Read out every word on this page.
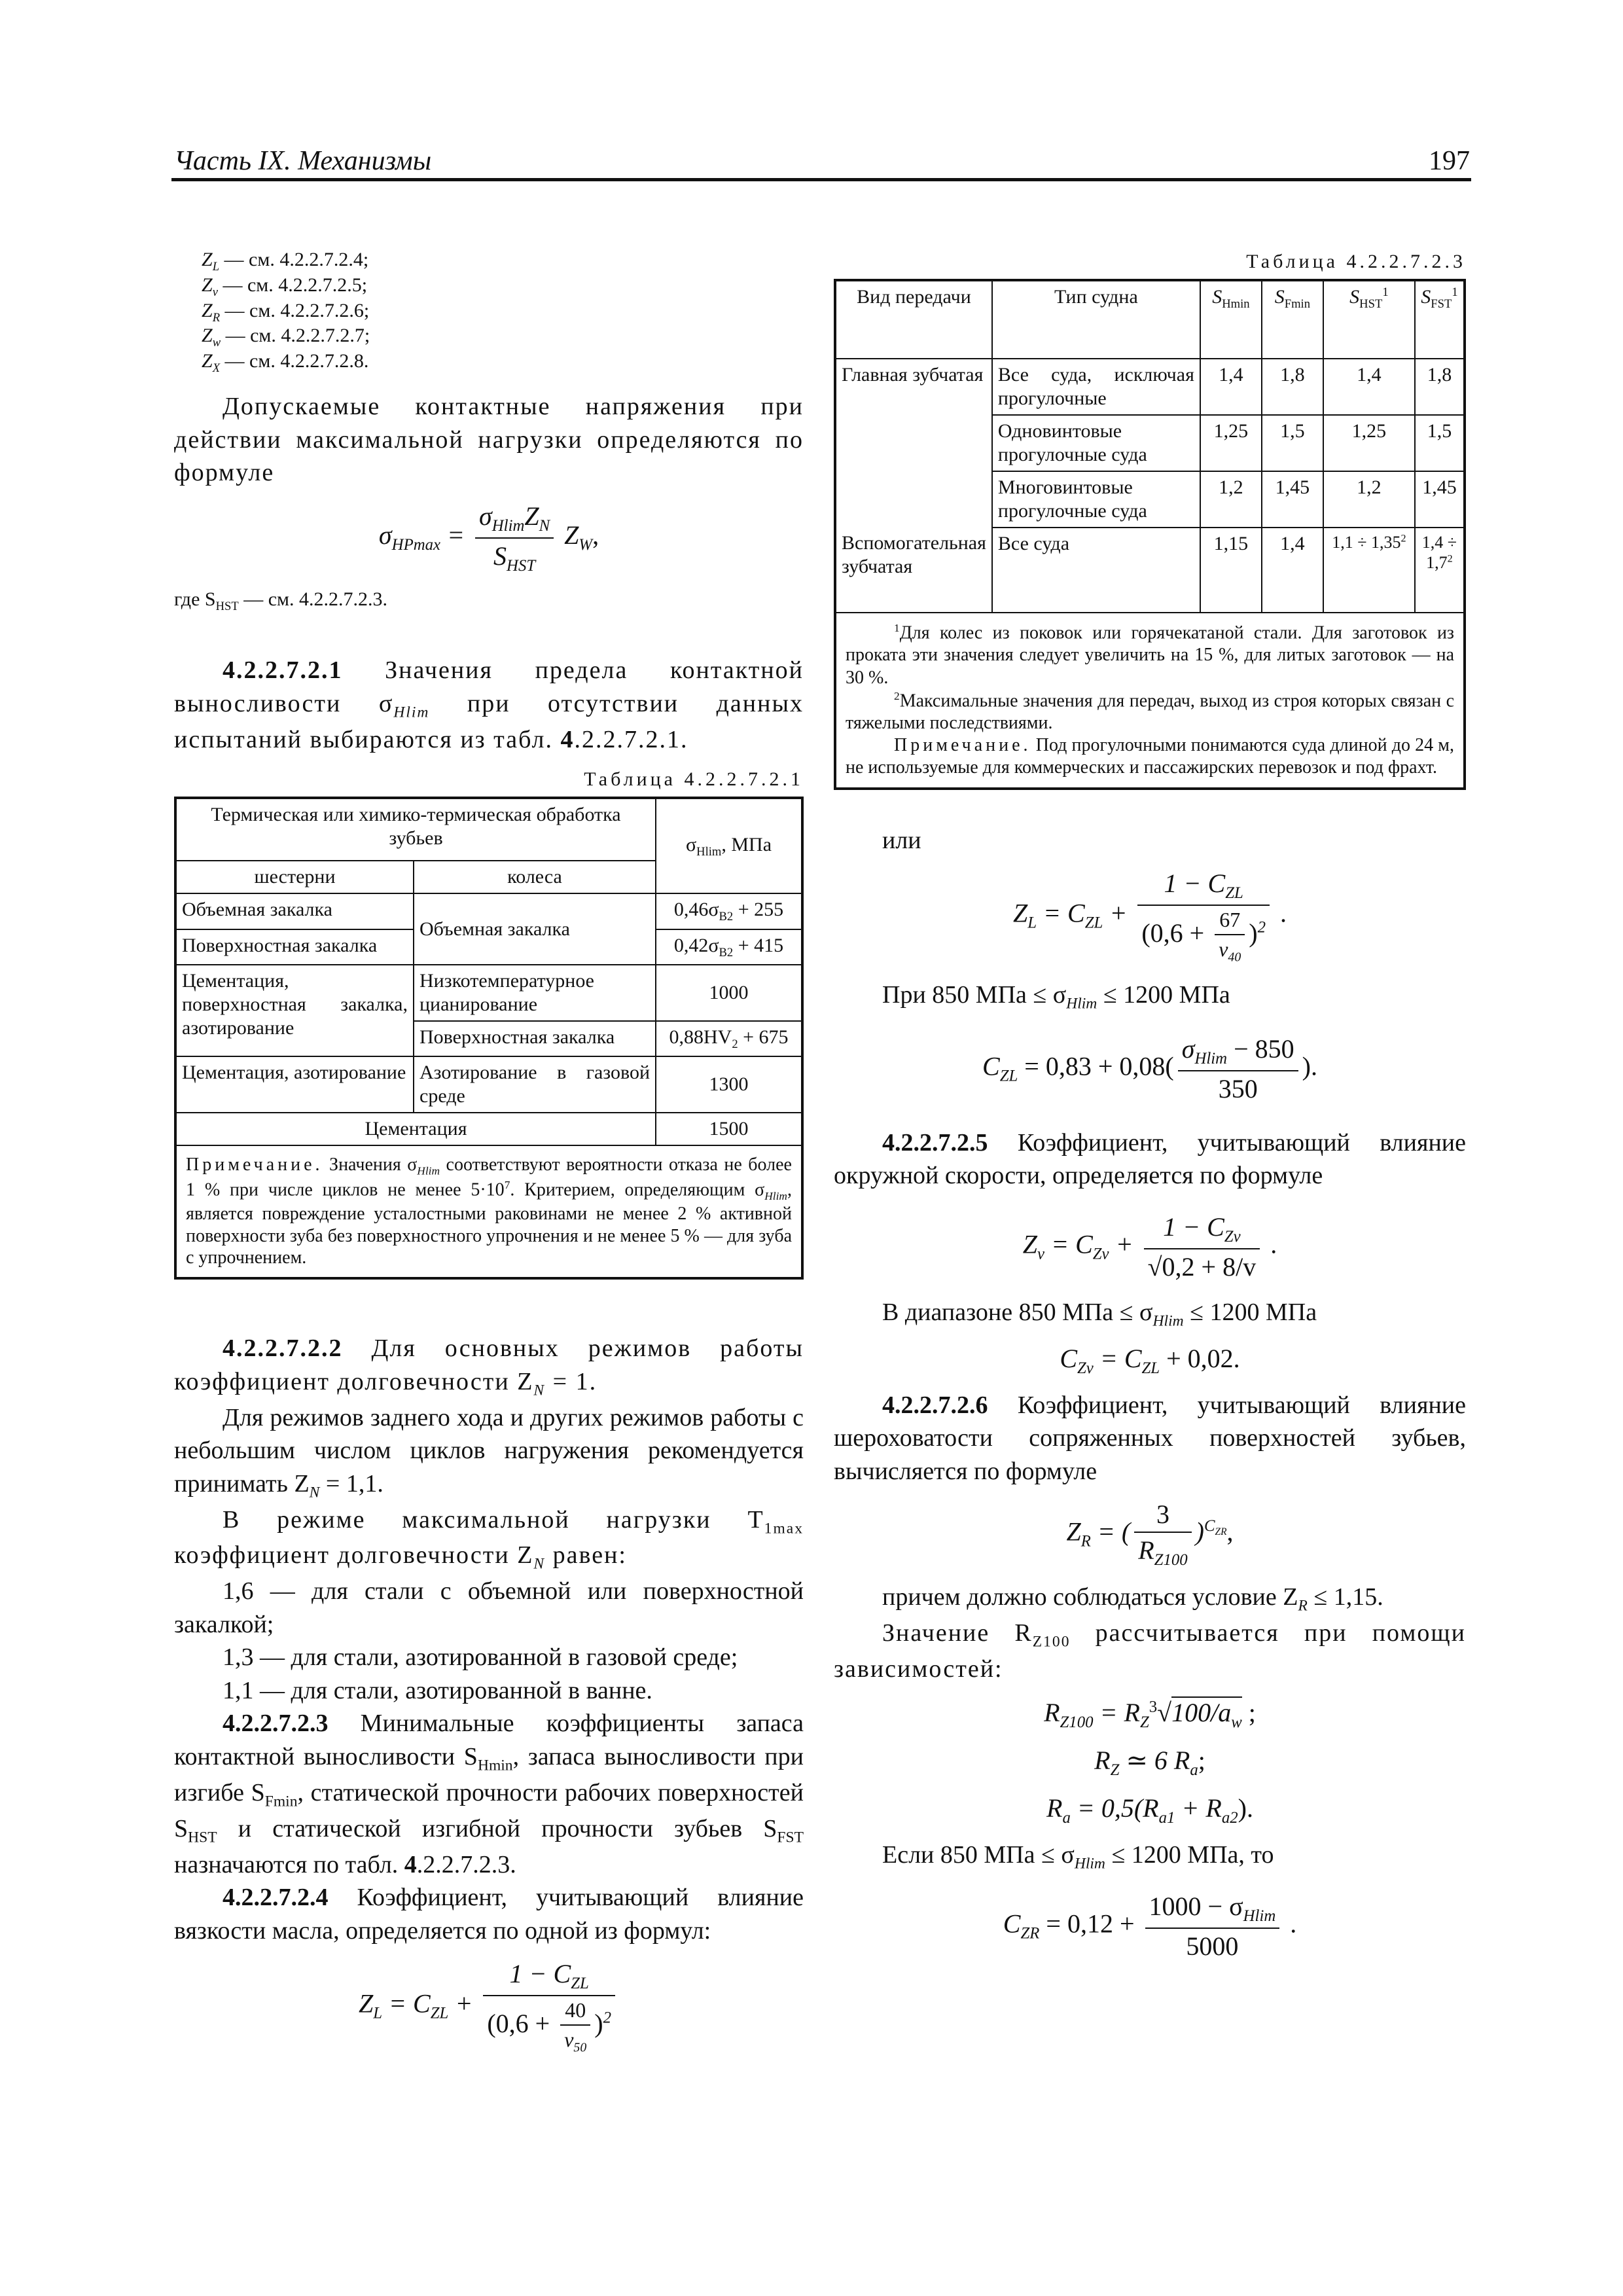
Часть IX. Механизмы	197
$Z_L$ — см. 4.2.2.7.2.4;
$Z_v$ — см. 4.2.2.7.2.5;
$Z_R$ — см. 4.2.2.7.2.6;
$Z_w$ — см. 4.2.2.7.2.7;
$Z_X$ — см. 4.2.2.7.2.8.

Допускаемые контактные напряжения при действии максимальной нагрузки определяются по формуле

$\sigma_{HPmax} = \frac{\sigma_{Hlim}Z_N}{S_{HST}} Z_W$,
где $S_{HST}$ — см. 4.2.2.7.2.3.

4.2.2.7.2.1 Значения предела контактной выносливости $\sigma_{Hlim}$ при отсутствии данных испытаний выбираются из табл. 4.2.2.7.2.1.

Таблица 4.2.2.7.2.1
Термическая или химико-термическая обработка зубьев		$\sigma_{Hlim}$, МПа
шестерни	колеса	
Объемная закалка	Объемная закалка	$0,46\sigma_{B2} + 255$
Поверхностная закалка		$0,42\sigma_{B2} + 415$
Цементация, поверхностная закалка, азотирование	Низкотемпературное цианирование	1000
	Поверхностная закалка	$0,88HV_2 + 675$
Цементация, азотирование	Азотирование в газовой среде	1300
Цементация		1500
Примечание. Значения $\sigma_{Hlim}$ соответствуют вероятности отказа не более 1 % при числе циклов не менее $5\cdot 10^7$. Критерием, определяющим $\sigma_{Hlim}$, является повреждение усталостными раковинами не менее 2 % активной поверхности зуба без поверхностного упрочнения и не менее 5 % — для зуба с упрочнением.		

4.2.2.7.2.2 Для основных режимов работы коэффициент долговечности $Z_N = 1$.

Для режимов заднего хода и других режимов работы с небольшим числом циклов нагружения рекомендуется принимать $Z_N = 1,1$.

В режиме максимальной нагрузки $T_{1max}$ коэффициент долговечности $Z_N$ равен:

1,6 — для стали с объемной или поверхностной закалкой;

1,3 — для стали, азотированной в газовой среде;

1,1 — для стали, азотированной в ванне.

4.2.2.7.2.3 Минимальные коэффициенты запаса контактной выносливости $S_{Hmin}$, запаса выносливости при изгибе $S_{Fmin}$, статической прочности рабочих поверхностей $S_{HST}$ и статической изгибной прочности зубьев $S_{FST}$ назначаются по табл. 4.2.2.7.2.3.

4.2.2.7.2.4 Коэффициент, учитывающий влияние вязкости масла, определяется по одной из формул:

$Z_L = C_{ZL} + \frac{1 - C_{ZL}}{(0,6 + \frac{40}{v_{50}} )^2}$
Таблица 4.2.2.7.2.3
Вид передачи	Тип судна	$S_{Hmin}$	$S_{Fmin}$	$S_{HST}^1$	$S_{FST}^1$
Главная зубчатая	Все суда, исключая прогулочные	1,4	1,8	1,4	1,8
	Одновинтовые прогулочные суда	1,25	1,5	1,25	1,5
	Многовинтовые прогулочные суда	1,2	1,45	1,2	1,45
Вспомогательная зубчатая	Все суда	1,15	1,4	$1,1 \div 1,35^2$	$1,4 \div 1,7^2$

$^1$Для колес из поковок или горячекатаной стали. Для заготовок из проката эти значения следует увеличить на 15 %, для литых заготовок — на 30 %.
$^2$Максимальные значения для передач, выход из строя которых связан с тяжелыми последствиями.
Примечание. Под прогулочными понимаются суда длиной до 24 м, не используемые для коммерческих и пассажирских перевозок и под фрахт.					

или

$Z_L = C_{ZL} + \frac{1 - C_{ZL}}{(0,6 + \frac{67}{v_{40}} )^2}$ .

При 850 МПа ≤ $\sigma_{Hlim} \le 1200$ МПа

$C_{ZL} = 0,83 + 0,08( \frac{\sigma_{Hlim} - 850}{350}$ ).

4.2.2.7.2.5 Коэффициент, учитывающий влияние окружной скорости, определяется по формуле

$Z_v = C_{Zv} + \frac{1 - C_{Zv}}{√0,2 + 8/v}$ .

В диапазоне 850 МПа ≤ $\sigma_{Hlim} \le 1200$ МПа

$C_{Zv} = C_{ZL} + 0,02$.

4.2.2.7.2.6 Коэффициент, учитывающий влияние шероховатости сопряженных поверхностей зубьев, вычисляется по формуле

$Z_R$ = ( $\frac{3}{R_{Z100}} )^{C_{ZR}}$,

причем должно соблюдаться условие $Z_R \le 1,15$.

Значение $R_{Z100}$ рассчитывается при помощи зависимостей:

$R_{Z100} = R_Z^3√100/a_w$ ;
$R_Z$ ≃ 6 $R_a$;
$R_a = 0,5(R_{a1} + R_{a2})$.

Если 850 МПа ≤ $\sigma_{Hlim} \le 1200$ МПа, то

$C_{ZR} = 0,12 + \frac{1000 - \sigma_{Hlim}}{5000}$ .
